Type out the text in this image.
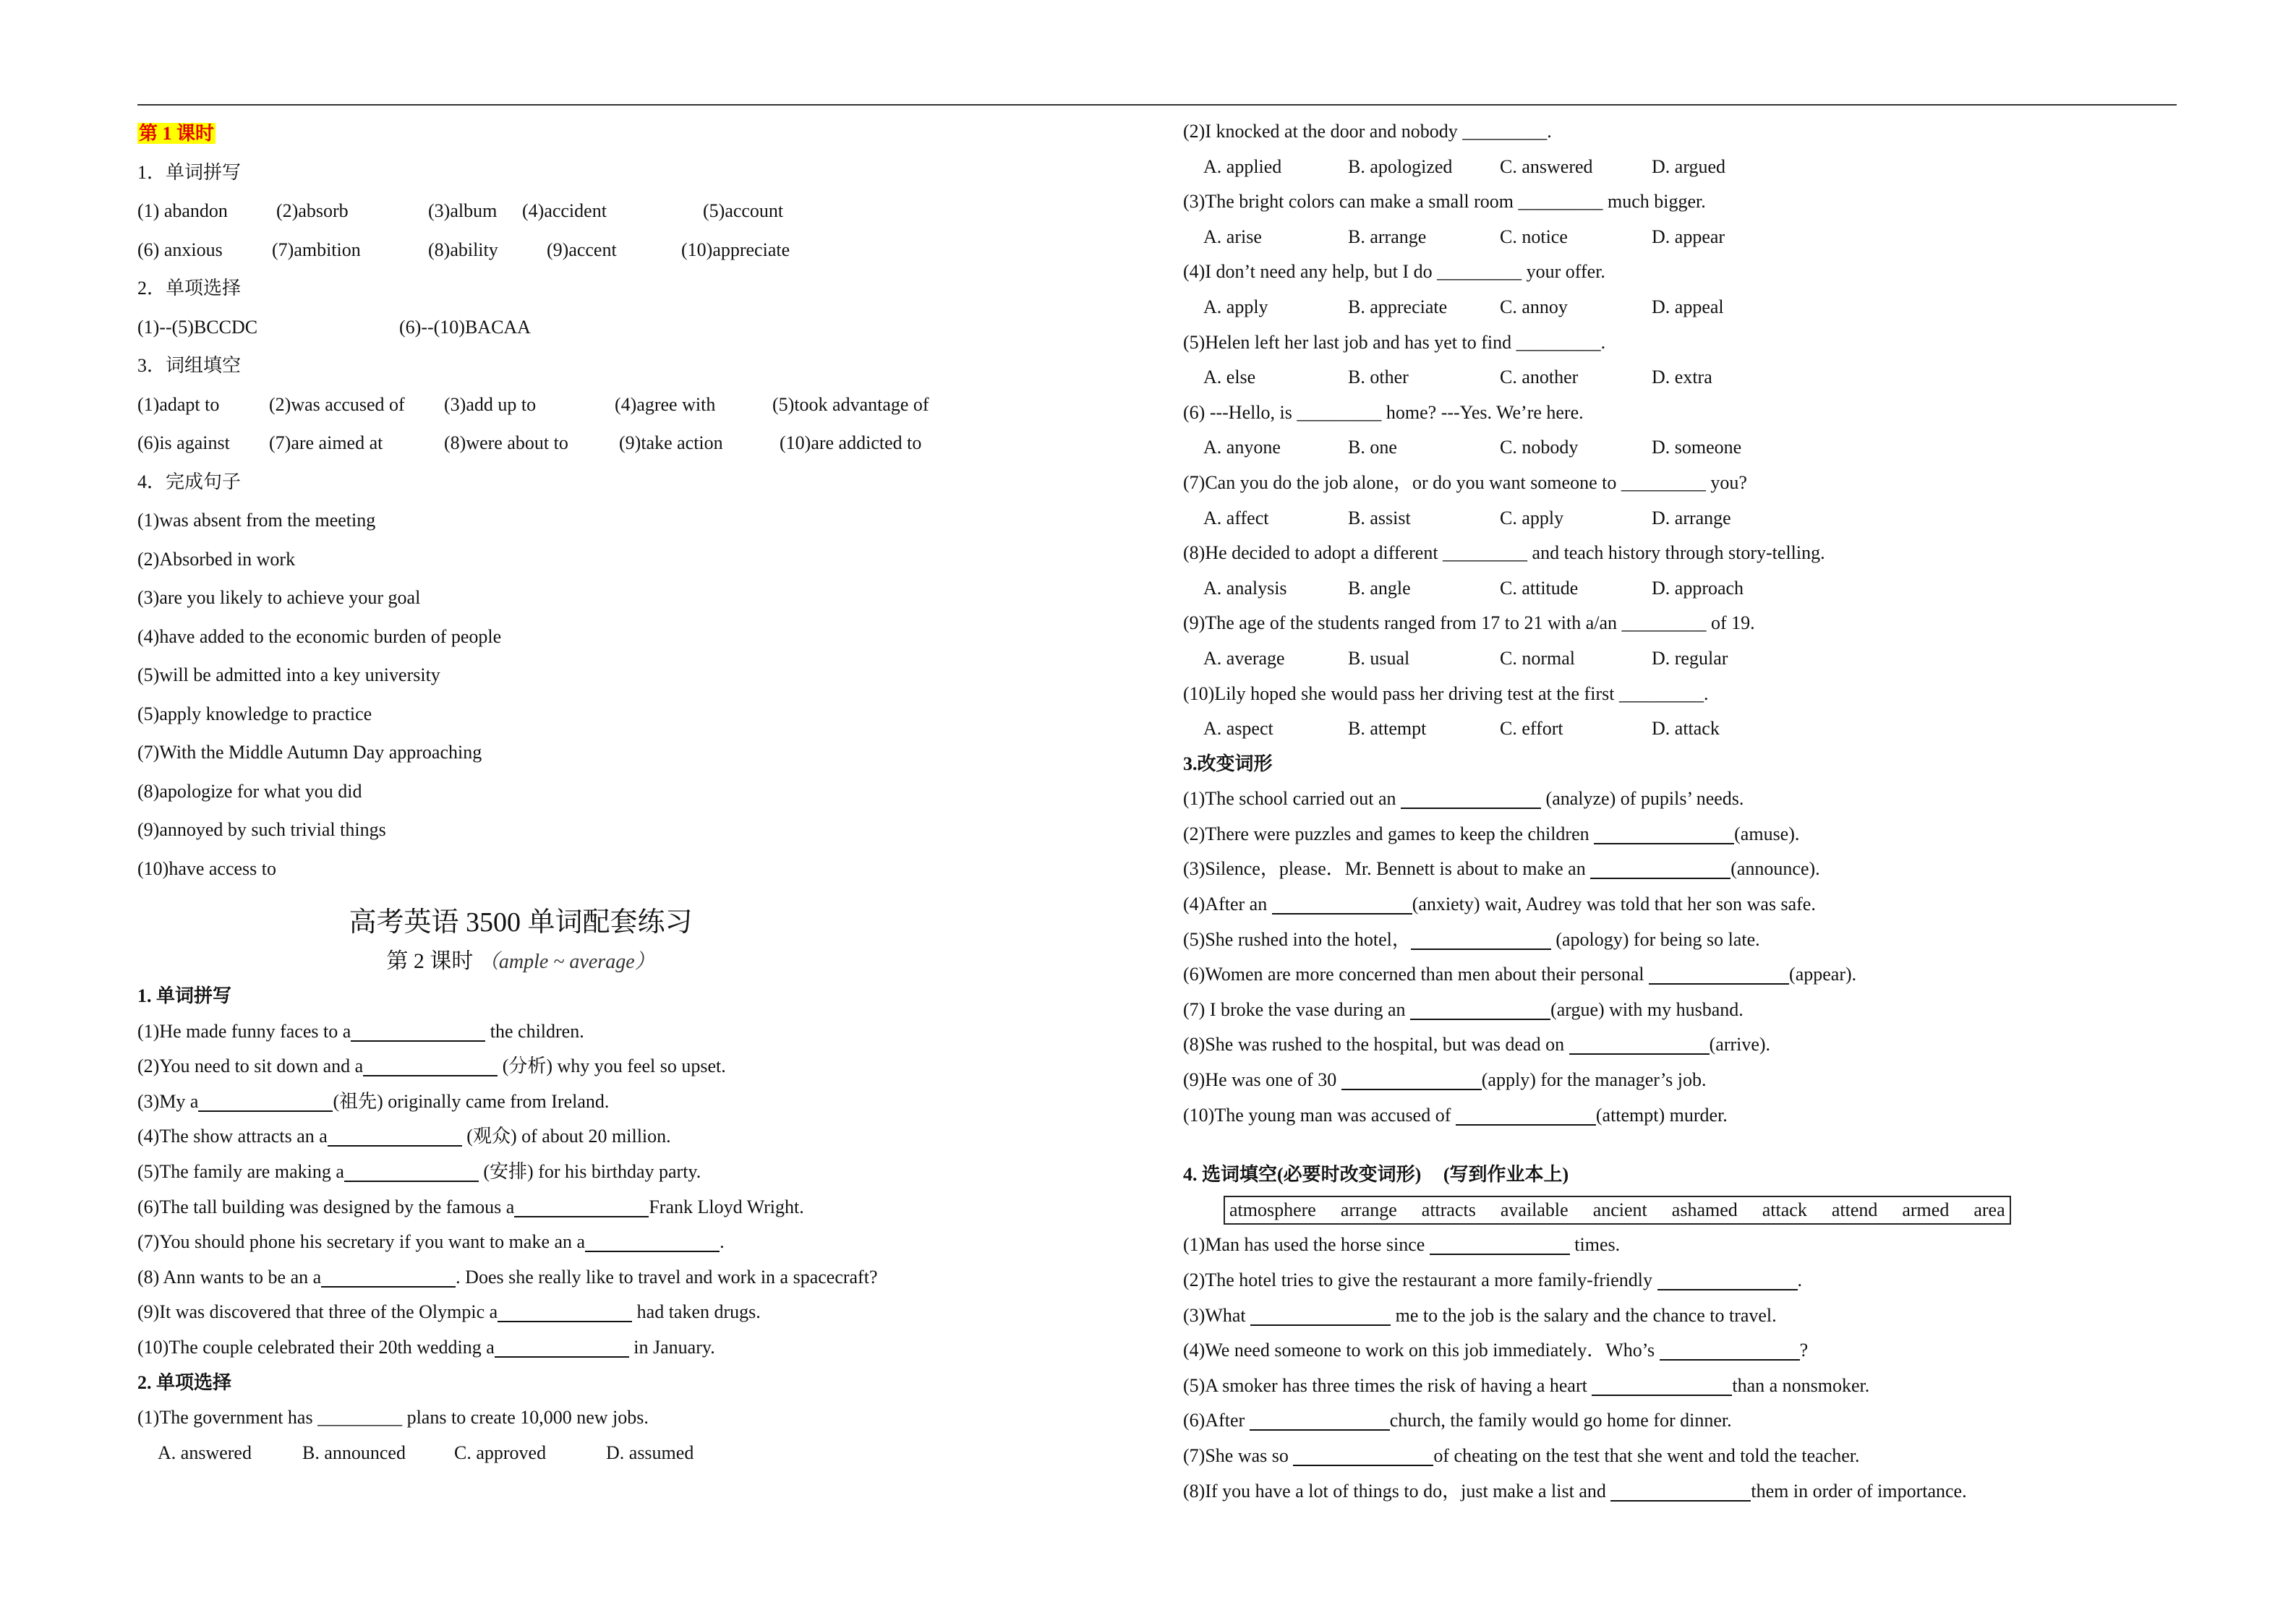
第 1 课时
1．单词拼写
(1) abandon	(2)absorb	(3)album (4)accident	(5)account
(6) anxious	(7)ambition	(8)ability	(9)accent	(10)appreciate
2．单项选择
(1)--(5)BCCDC	(6)--(10)BACAA
3．词组填空
(1)adapt to	(2)was accused of (3)add up to	(4)agree with	(5)took advantage of
(6)is against (7)are aimed at	(8)were about to	(9)take action	(10)are addicted to
4．完成句子
(1)was absent from the meeting
(2)Absorbed in work
(3)are you likely to achieve your goal
(4)have added to the economic burden of people
(5)will be admitted into a key university
(5)apply knowledge to practice
(7)With the Middle Autumn Day approaching
(8)apologize for what you did
(9)annoyed by such trivial things
(10)have access to
高考英语 3500 单词配套练习
第 2 课时 （ample ~ average）
1. 单词拼写
(1)He made funny faces to a	the children.
(2)You need to sit down and a	(分析) why you feel so upset.
(3)My a	(祖先) originally came from Ireland.
(4)The show attracts an a	(观众) of about 20 million.
(5)The family are making a	(安排) for his birthday party.
(6)The tall building was designed by the famous a	Frank Lloyd Wright.
(7)You should phone his secretary if you want to make an a	.
(8) Ann wants to be an a	. Does she really like to travel and work in a spacecraft?
(9)It was discovered that three of the Olympic a	had taken drugs.
(10)The couple celebrated their 20th wedding a	in January.
2. 单项选择
(1)The government has _________ plans to create 10,000 new jobs.
A. answered	B. announced	C. approved	D. assumed
(2)I knocked at the door and nobody _________.
A. applied	B. apologized	C. answered	D. argued
(3)The bright colors can make a small room _________ much bigger.
A. arise	B. arrange	C. notice	D. appear
(4)I don’t need any help, but I do _________ your offer.
A. apply	B. appreciate	C. annoy	D. appeal
(5)Helen left her last job and has yet to find _________.
A. else	B. other	C. another	D. extra
(6) ---Hello, is _________ home? ---Yes. We’re here.
A. anyone	B. one	C. nobody	D. someone
(7)Can you do the job alone，or do you want someone to _________ you?
A. affect	B. assist	C. apply	D. arrange
(8)He decided to adopt a different _________ and teach history through story-telling.
A. analysis	B. angle	C. attitude	D. approach
(9)The age of the students ranged from 17 to 21 with a/an _________ of 19.
A. average	B. usual	C. normal	D. regular
(10)Lily hoped she would pass her driving test at the first _________.
A. aspect	B. attempt	C. effort	D. attack
3.改变词形
(1)The school carried out an	(analyze) of pupils’ needs.
(2)There were puzzles and games to keep the children	(amuse).
(3)Silence，please．Mr. Bennett is about to make an	(announce).
(4)After an	(anxiety) wait, Audrey was told that her son was safe.
(5)She rushed into the hotel，	(apology) for being so late.
(6)Women are more concerned than men about their personal	(appear).
(7) I broke the vase during an	(argue) with my husband.
(8)She was rushed to the hospital, but was dead on	(arrive).
(9)He was one of 30	(apply) for the manager’s job.
(10)The young man was accused of	(attempt) murder.
4. 选词填空(必要时改变词形) (写到作业本上)
atmosphere arrange attracts available ancient ashamed attack attend armed area
(1)Man has used the horse since	times.
(2)The hotel tries to give the restaurant a more family-friendly	.
(3)What	me to the job is the salary and the chance to travel.
(4)We need someone to work on this job immediately．Who’s	?
(5)A smoker has three times the risk of having a heart	than a nonsmoker.
(6)After	church, the family would go home for dinner.
(7)She was so	of cheating on the test that she went and told the teacher.
(8)If you have a lot of things to do，just make a list and	them in order of importance.
